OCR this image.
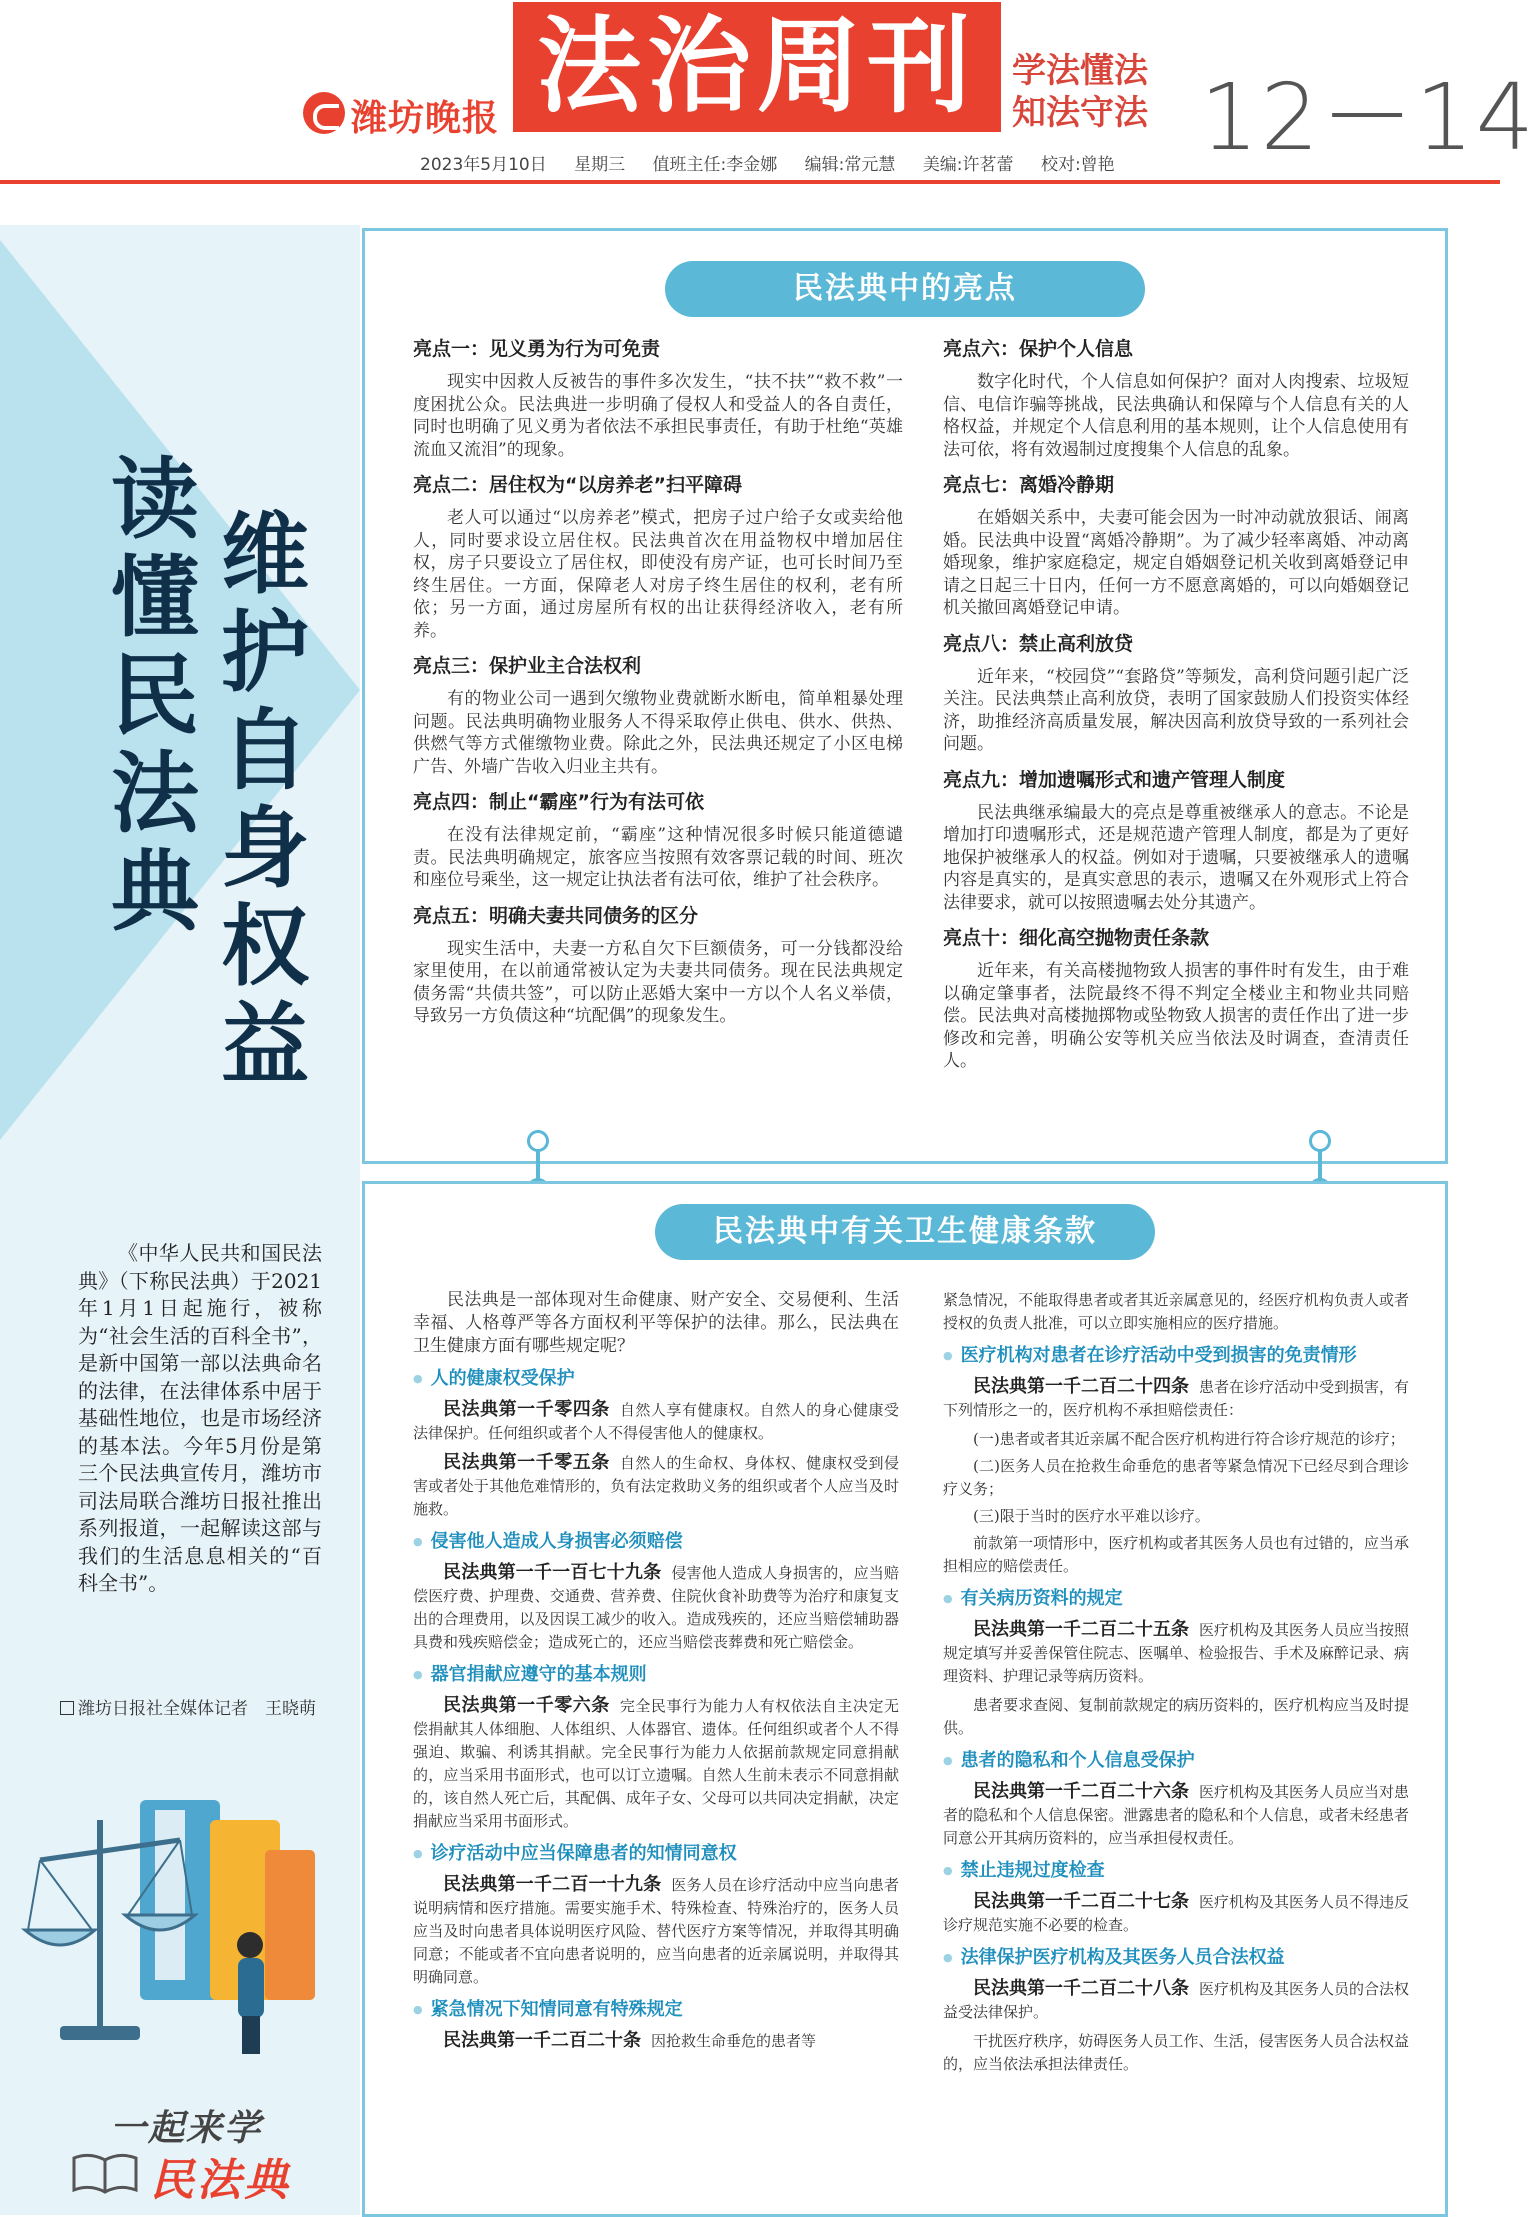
潍坊晚报 法治周刊	学法懂法
知法守法 12－14
2023年5月10日 星期三 值班主任:李金娜 编辑:常元慧 美编:许茗蕾 校对:曾艳
维护自身权益
读懂民法典
民法典中的亮点
亮点一：见义勇为行为可免责

现实中因救人反被告的事件多次发生，“扶不扶”“救不救”一度困扰公众。民法典进一步明确了侵权人和受益人的各自责任，同时也明确了见义勇为者依法不承担民事责任，有助于杜绝“英雄流血又流泪”的现象。

亮点二：居住权为“以房养老”扫平障碍

老人可以通过“以房养老”模式，把房子过户给子女或卖给他人，同时要求设立居住权。民法典首次在用益物权中增加居住权，房子只要设立了居住权，即使没有房产证，也可长时间乃至终生居住。一方面，保障老人对房子终生居住的权利，老有所依；另一方面，通过房屋所有权的出让获得经济收入，老有所养。

亮点三：保护业主合法权利

有的物业公司一遇到欠缴物业费就断水断电，简单粗暴处理问题。民法典明确物业服务人不得采取停止供电、供水、供热、供燃气等方式催缴物业费。除此之外，民法典还规定了小区电梯广告、外墙广告收入归业主共有。

亮点四：制止“霸座”行为有法可依

在没有法律规定前，“霸座”这种情况很多时候只能道德谴责。民法典明确规定，旅客应当按照有效客票记载的时间、班次和座位号乘坐，这一规定让执法者有法可依，维护了社会秩序。

亮点五：明确夫妻共同债务的区分

现实生活中，夫妻一方私自欠下巨额债务，可一分钱都没给家里使用，在以前通常被认定为夫妻共同债务。现在民法典规定债务需“共债共签”，可以防止恶婚大案中一方以个人名义举债，导致另一方负债这种“坑配偶”的现象发生。

亮点六：保护个人信息

数字化时代，个人信息如何保护？面对人肉搜索、垃圾短信、电信诈骗等挑战，民法典确认和保障与个人信息有关的人格权益，并规定个人信息利用的基本规则，让个人信息使用有法可依，将有效遏制过度搜集个人信息的乱象。

亮点七：离婚冷静期

在婚姻关系中，夫妻可能会因为一时冲动就放狠话、闹离婚。民法典中设置“离婚冷静期”。为了减少轻率离婚、冲动离婚现象，维护家庭稳定，规定自婚姻登记机关收到离婚登记申请之日起三十日内，任何一方不愿意离婚的，可以向婚姻登记机关撤回离婚登记申请。

亮点八：禁止高利放贷

近年来，“校园贷”“套路贷”等频发，高利贷问题引起广泛关注。民法典禁止高利放贷，表明了国家鼓励人们投资实体经济，助推经济高质量发展，解决因高利放贷导致的一系列社会问题。

亮点九：增加遗嘱形式和遗产管理人制度

民法典继承编最大的亮点是尊重被继承人的意志。不论是增加打印遗嘱形式，还是规范遗产管理人制度，都是为了更好地保护被继承人的权益。例如对于遗嘱，只要被继承人的遗嘱内容是真实的，是真实意思的表示，遗嘱又在外观形式上符合法律要求，就可以按照遗嘱去处分其遗产。

亮点十：细化高空抛物责任条款

近年来，有关高楼抛物致人损害的事件时有发生，由于难以确定肇事者，法院最终不得不判定全楼业主和物业共同赔偿。民法典对高楼抛掷物或坠物致人损害的责任作出了进一步修改和完善，明确公安等机关应当依法及时调查，查清责任人。

民法典中有关卫生健康条款

民法典是一部体现对生命健康、财产安全、交易便利、生活幸福、人格尊严等各方面权利平等保护的法律。那么，民法典在卫生健康方面有哪些规定呢？

● 人的健康权受保护

民法典第一千零四条 自然人享有健康权。自然人的身心健康受法律保护。任何组织或者个人不得侵害他人的健康权。

民法典第一千零五条 自然人的生命权、身体权、健康权受到侵害或者处于其他危难情形的，负有法定救助义务的组织或者个人应当及时施救。

● 侵害他人造成人身损害必须赔偿

民法典第一千一百七十九条 侵害他人造成人身损害的，应当赔偿医疗费、护理费、交通费、营养费、住院伙食补助费等为治疗和康复支出的合理费用，以及因误工减少的收入。造成残疾的，还应当赔偿辅助器具费和残疾赔偿金；造成死亡的，还应当赔偿丧葬费和死亡赔偿金。

● 器官捐献应遵守的基本规则

民法典第一千零六条 完全民事行为能力人有权依法自主决定无偿捐献其人体细胞、人体组织、人体器官、遗体。任何组织或者个人不得强迫、欺骗、利诱其捐献。完全民事行为能力人依据前款规定同意捐献的，应当采用书面形式，也可以订立遗嘱。自然人生前未表示不同意捐献的，该自然人死亡后，其配偶、成年子女、父母可以共同决定捐献，决定捐献应当采用书面形式。

● 诊疗活动中应当保障患者的知情同意权

民法典第一千二百一十九条 医务人员在诊疗活动中应当向患者说明病情和医疗措施。需要实施手术、特殊检查、特殊治疗的，医务人员应当及时向患者具体说明医疗风险、替代医疗方案等情况，并取得其明确同意；不能或者不宜向患者说明的，应当向患者的近亲属说明，并取得其明确同意。

● 紧急情况下知情同意有特殊规定

民法典第一千二百二十条 因抢救生命垂危的患者等

紧急情况，不能取得患者或者其近亲属意见的，经医疗机构负责人或者授权的负责人批准，可以立即实施相应的医疗措施。

● 医疗机构对患者在诊疗活动中受到损害的免责情形

民法典第一千二百二十四条 患者在诊疗活动中受到损害，有下列情形之一的，医疗机构不承担赔偿责任：

(一)患者或者其近亲属不配合医疗机构进行符合诊疗规范的诊疗；

(二)医务人员在抢救生命垂危的患者等紧急情况下已经尽到合理诊疗义务；

(三)限于当时的医疗水平难以诊疗。

前款第一项情形中，医疗机构或者其医务人员也有过错的，应当承担相应的赔偿责任。

● 有关病历资料的规定

民法典第一千二百二十五条 医疗机构及其医务人员应当按照规定填写并妥善保管住院志、医嘱单、检验报告、手术及麻醉记录、病理资料、护理记录等病历资料。

患者要求查阅、复制前款规定的病历资料的，医疗机构应当及时提供。

● 患者的隐私和个人信息受保护

民法典第一千二百二十六条 医疗机构及其医务人员应当对患者的隐私和个人信息保密。泄露患者的隐私和个人信息，或者未经患者同意公开其病历资料的，应当承担侵权责任。

● 禁止违规过度检查

民法典第一千二百二十七条 医疗机构及其医务人员不得违反诊疗规范实施不必要的检查。

● 法律保护医疗机构及其医务人员合法权益

民法典第一千二百二十八条 医疗机构及其医务人员的合法权益受法律保护。

干扰医疗秩序，妨碍医务人员工作、生活，侵害医务人员合法权益的，应当依法承担法律责任。

《中华人民共和国民法典》（下称民法典）于2021年1月1日起施行，被称为“社会生活的百科全书”，是新中国第一部以法典命名的法律，在法律体系中居于基础性地位，也是市场经济的基本法。今年5月份是第三个民法典宣传月，潍坊市司法局联合潍坊日报社推出系列报道，一起解读这部与我们的生活息息相关的“百科全书”。

潍坊日报社全媒体记者　王晓萌
一起来学
民法典
